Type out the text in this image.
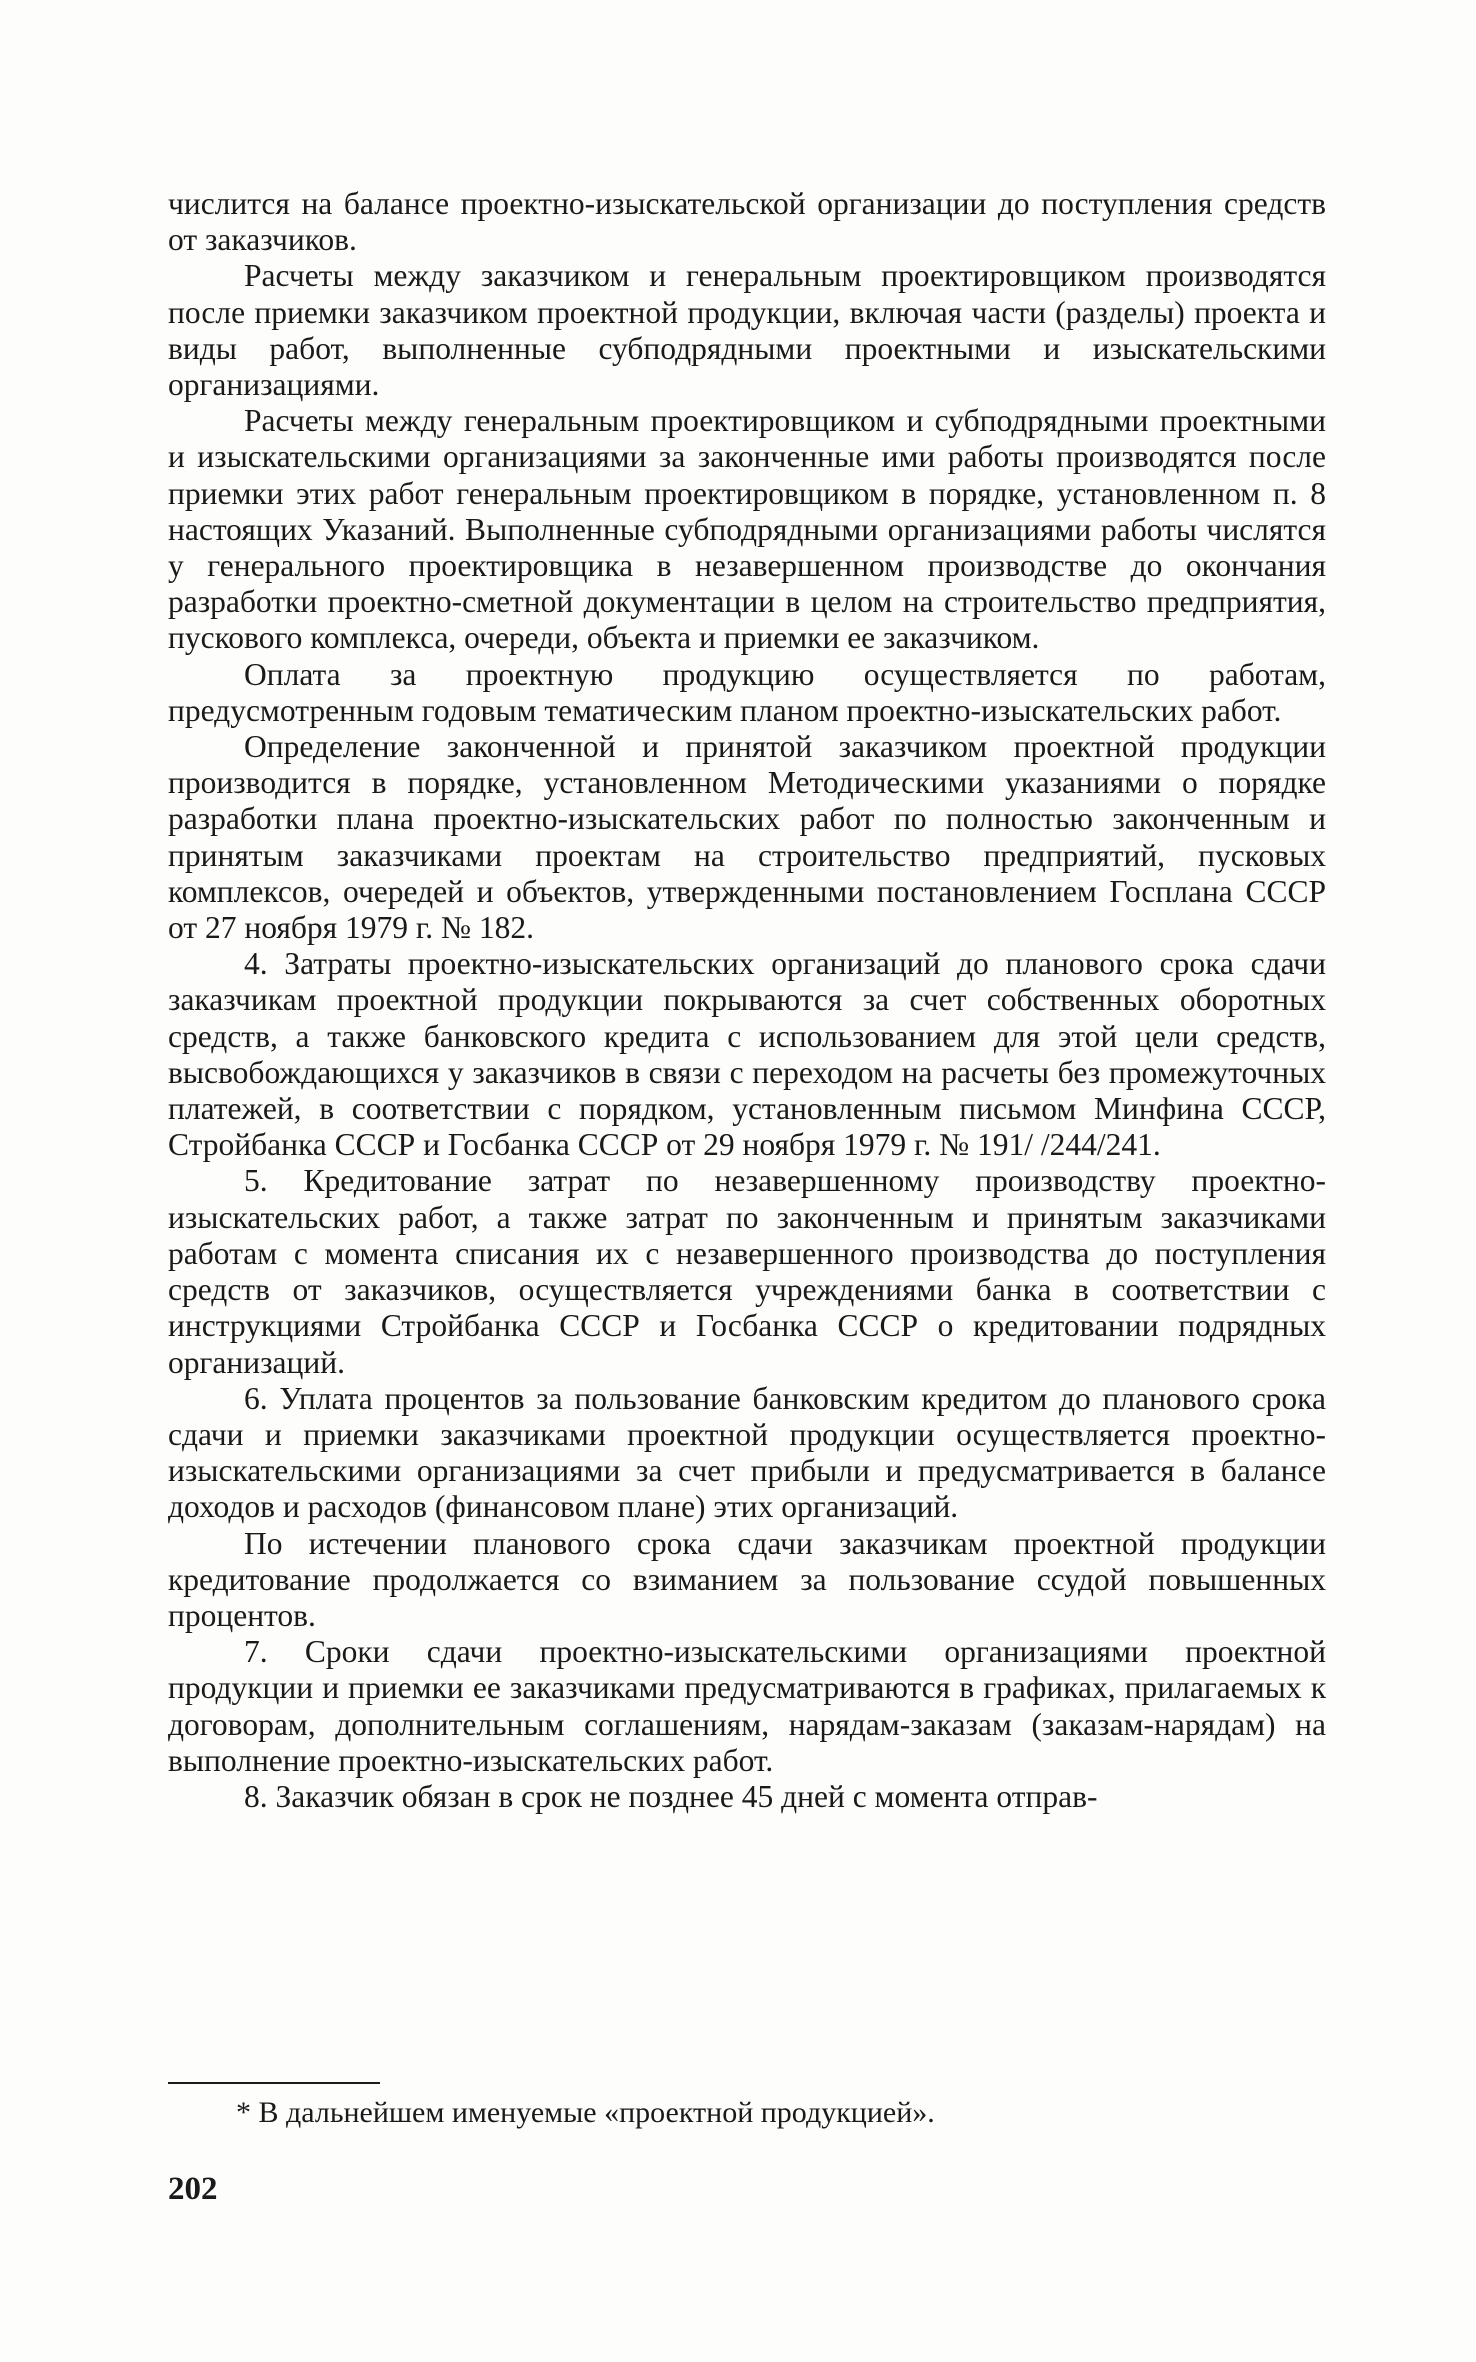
числится на балансе проектно-изыскательской организации до поступления средств от заказчиков.

Расчеты между заказчиком и генеральным проектировщиком производятся после приемки заказчиком проектной продукции, включая части (разделы) проекта и виды работ, выполненные субподрядными проектными и изыскательскими организациями.

Расчеты между генеральным проектировщиком и субподрядными проектными и изыскательскими организациями за законченные ими работы производятся после приемки этих работ генеральным проектировщиком в порядке, установленном п. 8 настоящих Указаний. Выполненные субподрядными организациями работы числятся у генерального проектировщика в незавершенном производстве до окончания разработки проектно-сметной документации в целом на строительство предприятия, пускового комплекса, очереди, объекта и приемки ее заказчиком.

Оплата за проектную продукцию осуществляется по работам, предусмотренным годовым тематическим планом проектно-изыскательских работ.

Определение законченной и принятой заказчиком проектной продукции производится в порядке, установленном Методическими указаниями о порядке разработки плана проектно-изыскательских работ по полностью законченным и принятым заказчиками проектам на строительство предприятий, пусковых комплексов, очередей и объектов, утвержденными постановлением Госплана СССР от 27 ноября 1979 г. № 182.

4. Затраты проектно-изыскательских организаций до планового срока сдачи заказчикам проектной продукции покрываются за счет собственных оборотных средств, а также банковского кредита с использованием для этой цели средств, высвобождающихся у заказчиков в связи с переходом на расчеты без промежуточных платежей, в соответствии с порядком, установленным письмом Минфина СССР, Стройбанка СССР и Госбанка СССР от 29 ноября 1979 г. № 191/ /244/241.

5. Кредитование затрат по незавершенному производству проектно-изыскательских работ, а также затрат по законченным и принятым заказчиками работам с момента списания их с незавершенного производства до поступления средств от заказчиков, осуществляется учреждениями банка в соответствии с инструкциями Стройбанка СССР и Госбанка СССР о кредитовании подрядных организаций.

6. Уплата процентов за пользование банковским кредитом до планового срока сдачи и приемки заказчиками проектной продукции осуществляется проектно-изыскательскими организациями за счет прибыли и предусматривается в балансе доходов и расходов (финансовом плане) этих организаций.

По истечении планового срока сдачи заказчикам проектной продукции кредитование продолжается со взиманием за пользование ссудой повышенных процентов.

7. Сроки сдачи проектно-изыскательскими организациями проектной продукции и приемки ее заказчиками предусматриваются в графиках, прилагаемых к договорам, дополнительным соглашениям, нарядам-заказам (заказам-нарядам) на выполнение проектно-изыскательских работ.

8. Заказчик обязан в срок не позднее 45 дней с момента отправ-

* В дальнейшем именуемые «проектной продукцией».
202
